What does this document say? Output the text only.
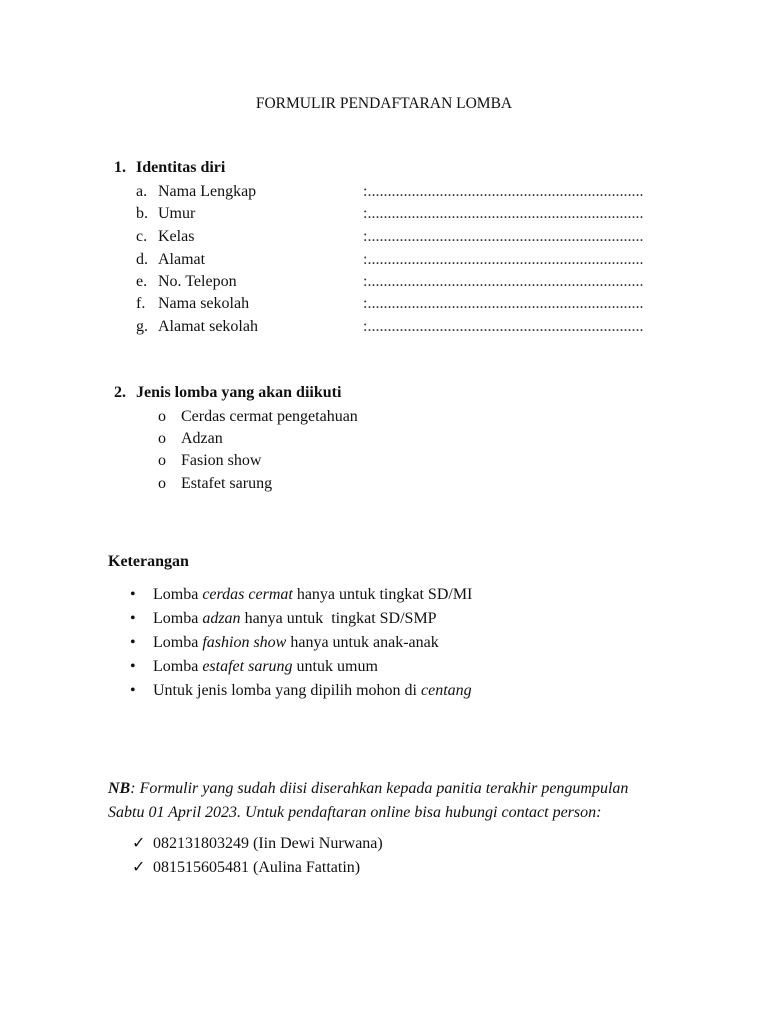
FORMULIR PENDAFTARAN LOMBA
1. Identitas diri
a. Nama Lengkap	:.....................................................................
b. Umur	:.....................................................................
c. Kelas	:.....................................................................
d. Alamat	:.....................................................................
e. No. Telepon	:.....................................................................
f. Nama sekolah	:.....................................................................
g. Alamat sekolah	:.....................................................................
2. Jenis lomba yang akan diikuti
o Cerdas cermat pengetahuan
o Adzan
o Fasion show
o Estafet sarung
Keterangan
• Lomba cerdas cermat hanya untuk tingkat SD/MI
• Lomba adzan hanya untuk  tingkat SD/SMP
• Lomba fashion show hanya untuk anak-anak
• Lomba estafet sarung untuk umum
• Untuk jenis lomba yang dipilih mohon di centang
NB: Formulir yang sudah diisi diserahkan kepada panitia terakhir pengumpulan
Sabtu 01 April 2023. Untuk pendaftaran online bisa hubungi contact person:
✓ 082131803249 (Iin Dewi Nurwana)
✓ 081515605481 (Aulina Fattatin)
